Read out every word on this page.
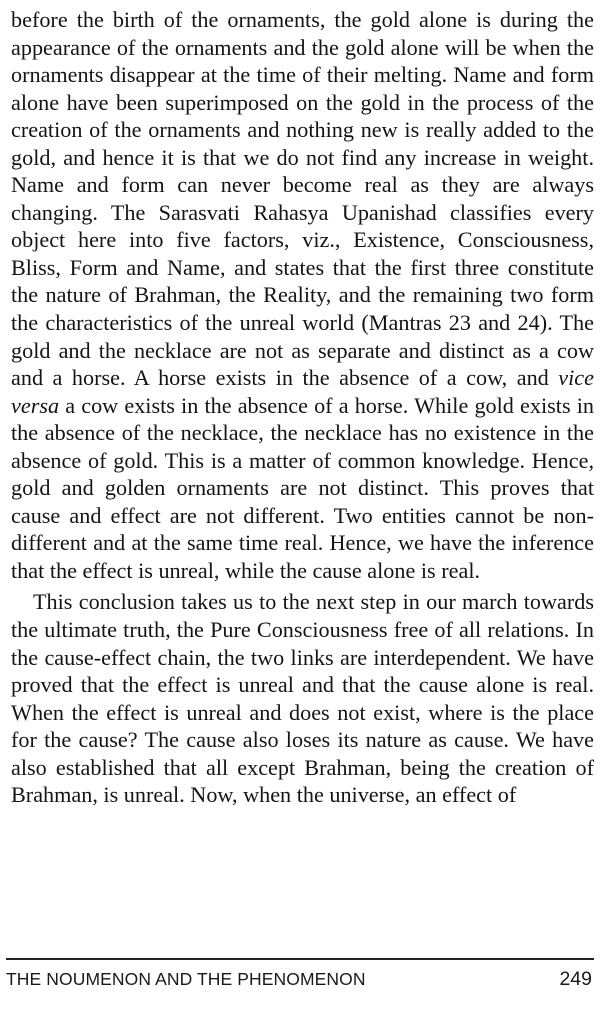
before the birth of the ornaments, the gold alone is during the appearance of the ornaments and the gold alone will be when the ornaments disappear at the time of their melting. Name and form alone have been superimposed on the gold in the process of the creation of the ornaments and nothing new is really added to the gold, and hence it is that we do not find any increase in weight. Name and form can never become real as they are always changing. The Sarasvati Rahasya Upanishad classifies every object here into five factors, viz., Existence, Consciousness, Bliss, Form and Name, and states that the first three constitute the nature of Brahman, the Reality, and the remaining two form the characteristics of the unreal world (Mantras 23 and 24). The gold and the necklace are not as separate and distinct as a cow and a horse. A horse exists in the absence of a cow, and vice versa a cow exists in the absence of a horse. While gold exists in the absence of the necklace, the necklace has no existence in the absence of gold. This is a matter of common knowledge. Hence, gold and golden ornaments are not distinct. This proves that cause and effect are not different. Two entities cannot be non-different and at the same time real. Hence, we have the inference that the effect is unreal, while the cause alone is real.

This conclusion takes us to the next step in our march towards the ultimate truth, the Pure Consciousness free of all relations. In the cause-effect chain, the two links are interdependent. We have proved that the effect is unreal and that the cause alone is real. When the effect is unreal and does not exist, where is the place for the cause? The cause also loses its nature as cause. We have also established that all except Brahman, being the creation of Brahman, is unreal. Now, when the universe, an effect of

THE NOUMENON AND THE PHENOMENON	249
